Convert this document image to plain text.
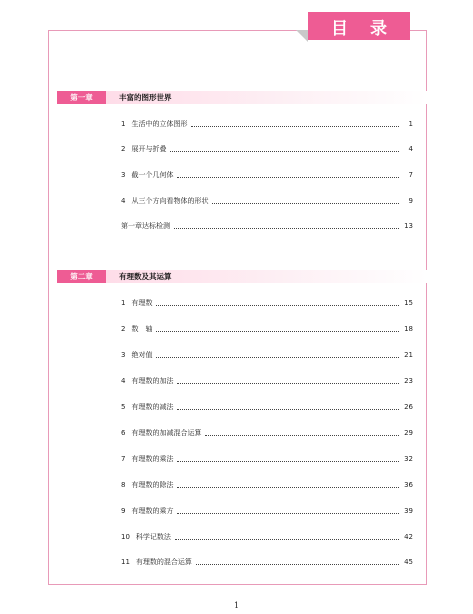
目 录
第一章	丰富的图形世界
1 生活中的立体图形	1
2 展开与折叠	4
3 截一个几何体	7
4 从三个方向看物体的形状	9
第一章达标检测	13
第二章	有理数及其运算
1 有理数	15
2 数　轴	18
3 绝对值	21
4 有理数的加法	23
5 有理数的减法	26
6 有理数的加减混合运算	29
7 有理数的乘法	32
8 有理数的除法	36
9 有理数的乘方	39
10 科学记数法	42
11 有理数的混合运算	45
1
